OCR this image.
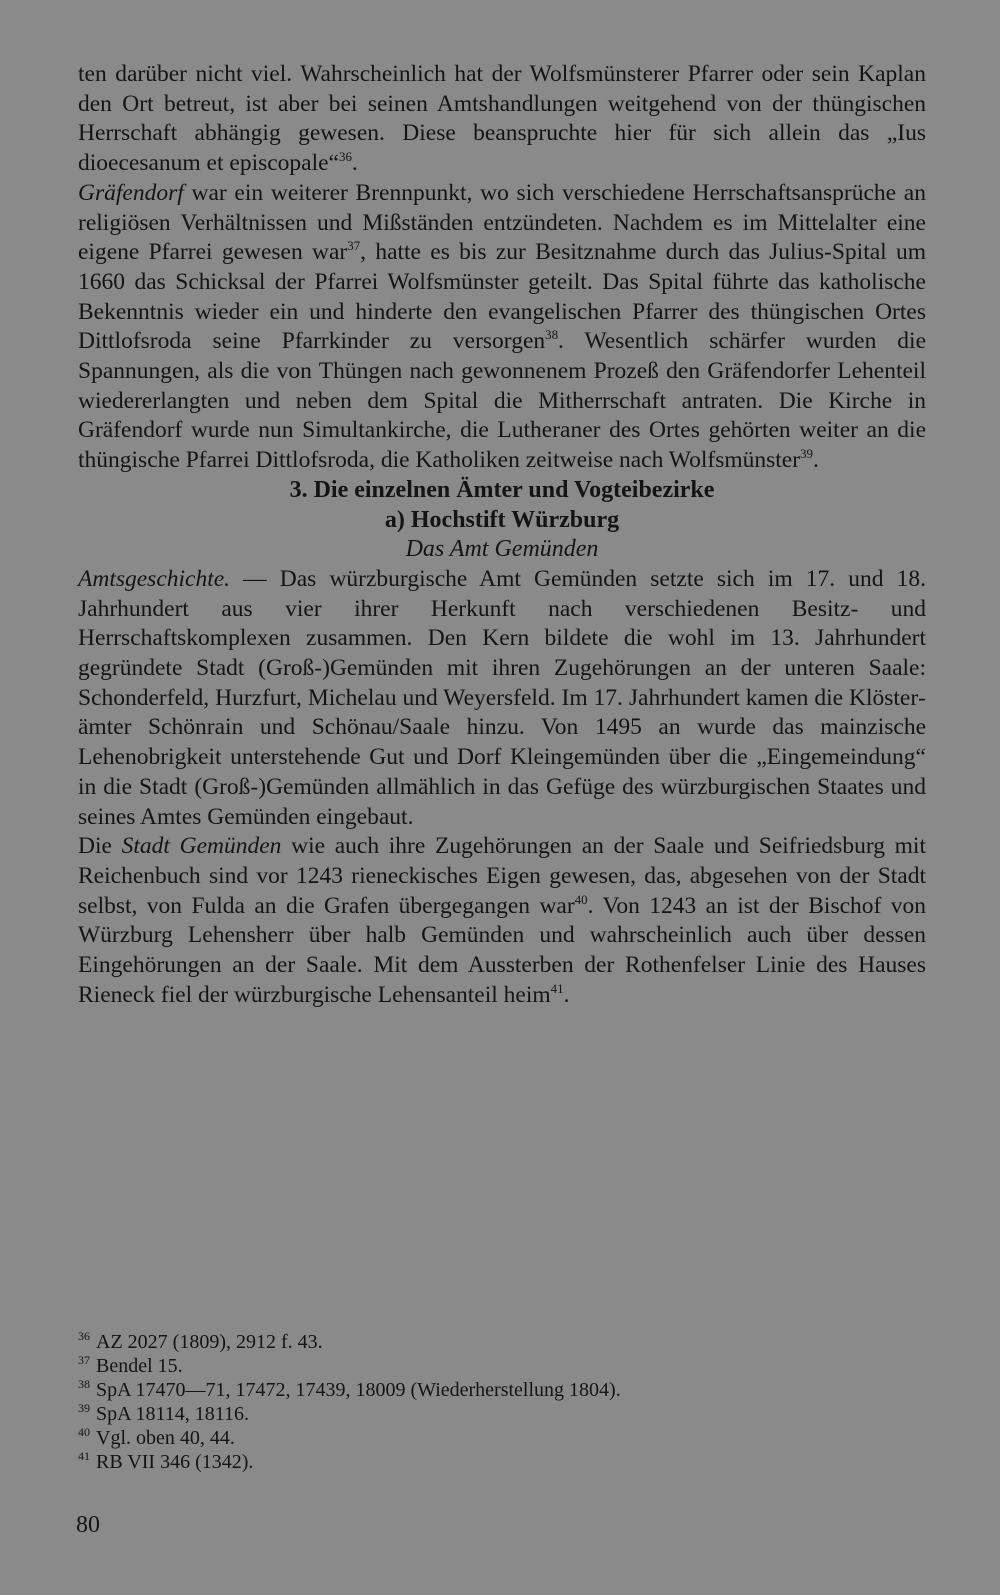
ten darüber nicht viel. Wahrscheinlich hat der Wolfsmünsterer Pfarrer oder sein Kaplan den Ort betreut, ist aber bei seinen Amtshandlungen weitgehend von der thüngischen Herrschaft abhängig gewesen. Diese beanspruchte hier für sich allein das „Ius dioecesanum et episcopale“$^{36}$.

Gräfendorf war ein weiterer Brennpunkt, wo sich verschiedene Herrschaftsansprüche an religiösen Verhältnissen und Mißständen entzündeten. Nachdem es im Mittelalter eine eigene Pfarrei gewesen war$^{37}$, hatte es bis zur Besitznahme durch das Julius-Spital um 1660 das Schicksal der Pfarrei Wolfsmünster geteilt. Das Spital führte das katholische Bekenntnis wieder ein und hinderte den evangelischen Pfarrer des thüngischen Ortes Dittlofsroda seine Pfarrkinder zu versorgen$^{38}$. Wesentlich schärfer wurden die Spannungen, als die von Thüngen nach gewonnenem Prozeß den Gräfendorfer Lehenteil wiedererlangten und neben dem Spital die Mitherrschaft antraten. Die Kirche in Gräfendorf wurde nun Simultankirche, die Lutheraner des Ortes gehörten weiter an die thüngische Pfarrei Dittlofsroda, die Katholiken zeitweise nach Wolfsmünster$^{39}$.

3. Die einzelnen Ämter und Vogteibezirke

a) Hochstift Würzburg

Das Amt Gemünden

Amtsgeschichte. — Das würzburgische Amt Gemünden setzte sich im 17. und 18. Jahrhundert aus vier ihrer Herkunft nach verschiedenen Besitz- und Herrschaftskomplexen zusammen. Den Kern bildete die wohl im 13. Jahrhundert gegründete Stadt (Groß-)Gemünden mit ihren Zugehörungen an der unteren Saale: Schonderfeld, Hurzfurt, Michelau und Weyersfeld. Im 17. Jahrhundert kamen die Klösterämter Schönrain und Schönau/Saale hinzu. Von 1495 an wurde das mainzische Lehenobrigkeit unterstehende Gut und Dorf Kleingemünden über die „Eingemeindung“ in die Stadt (Groß-)Gemünden allmählich in das Gefüge des würzburgischen Staates und seines Amtes Gemünden eingebaut.

Die Stadt Gemünden wie auch ihre Zugehörungen an der Saale und Seifriedsburg mit Reichenbuch sind vor 1243 rieneckisches Eigen gewesen, das, abgesehen von der Stadt selbst, von Fulda an die Grafen übergegangen war$^{40}$. Von 1243 an ist der Bischof von Würzburg Lehensherr über halb Gemünden und wahrscheinlich auch über dessen Eingehörungen an der Saale. Mit dem Aussterben der Rothenfelser Linie des Hauses Rieneck fiel der würzburgische Lehensanteil heim$^{41}$.

$^{36}$ AZ 2027 (1809), 2912 f. 43.

$^{37}$ Bendel 15.

$^{38}$ SpA 17470—71, 17472, 17439, 18009 (Wiederherstellung 1804).

$^{39}$ SpA 18114, 18116.

$^{40}$ Vgl. oben 40, 44.

$^{41}$ RB VII 346 (1342).

80
